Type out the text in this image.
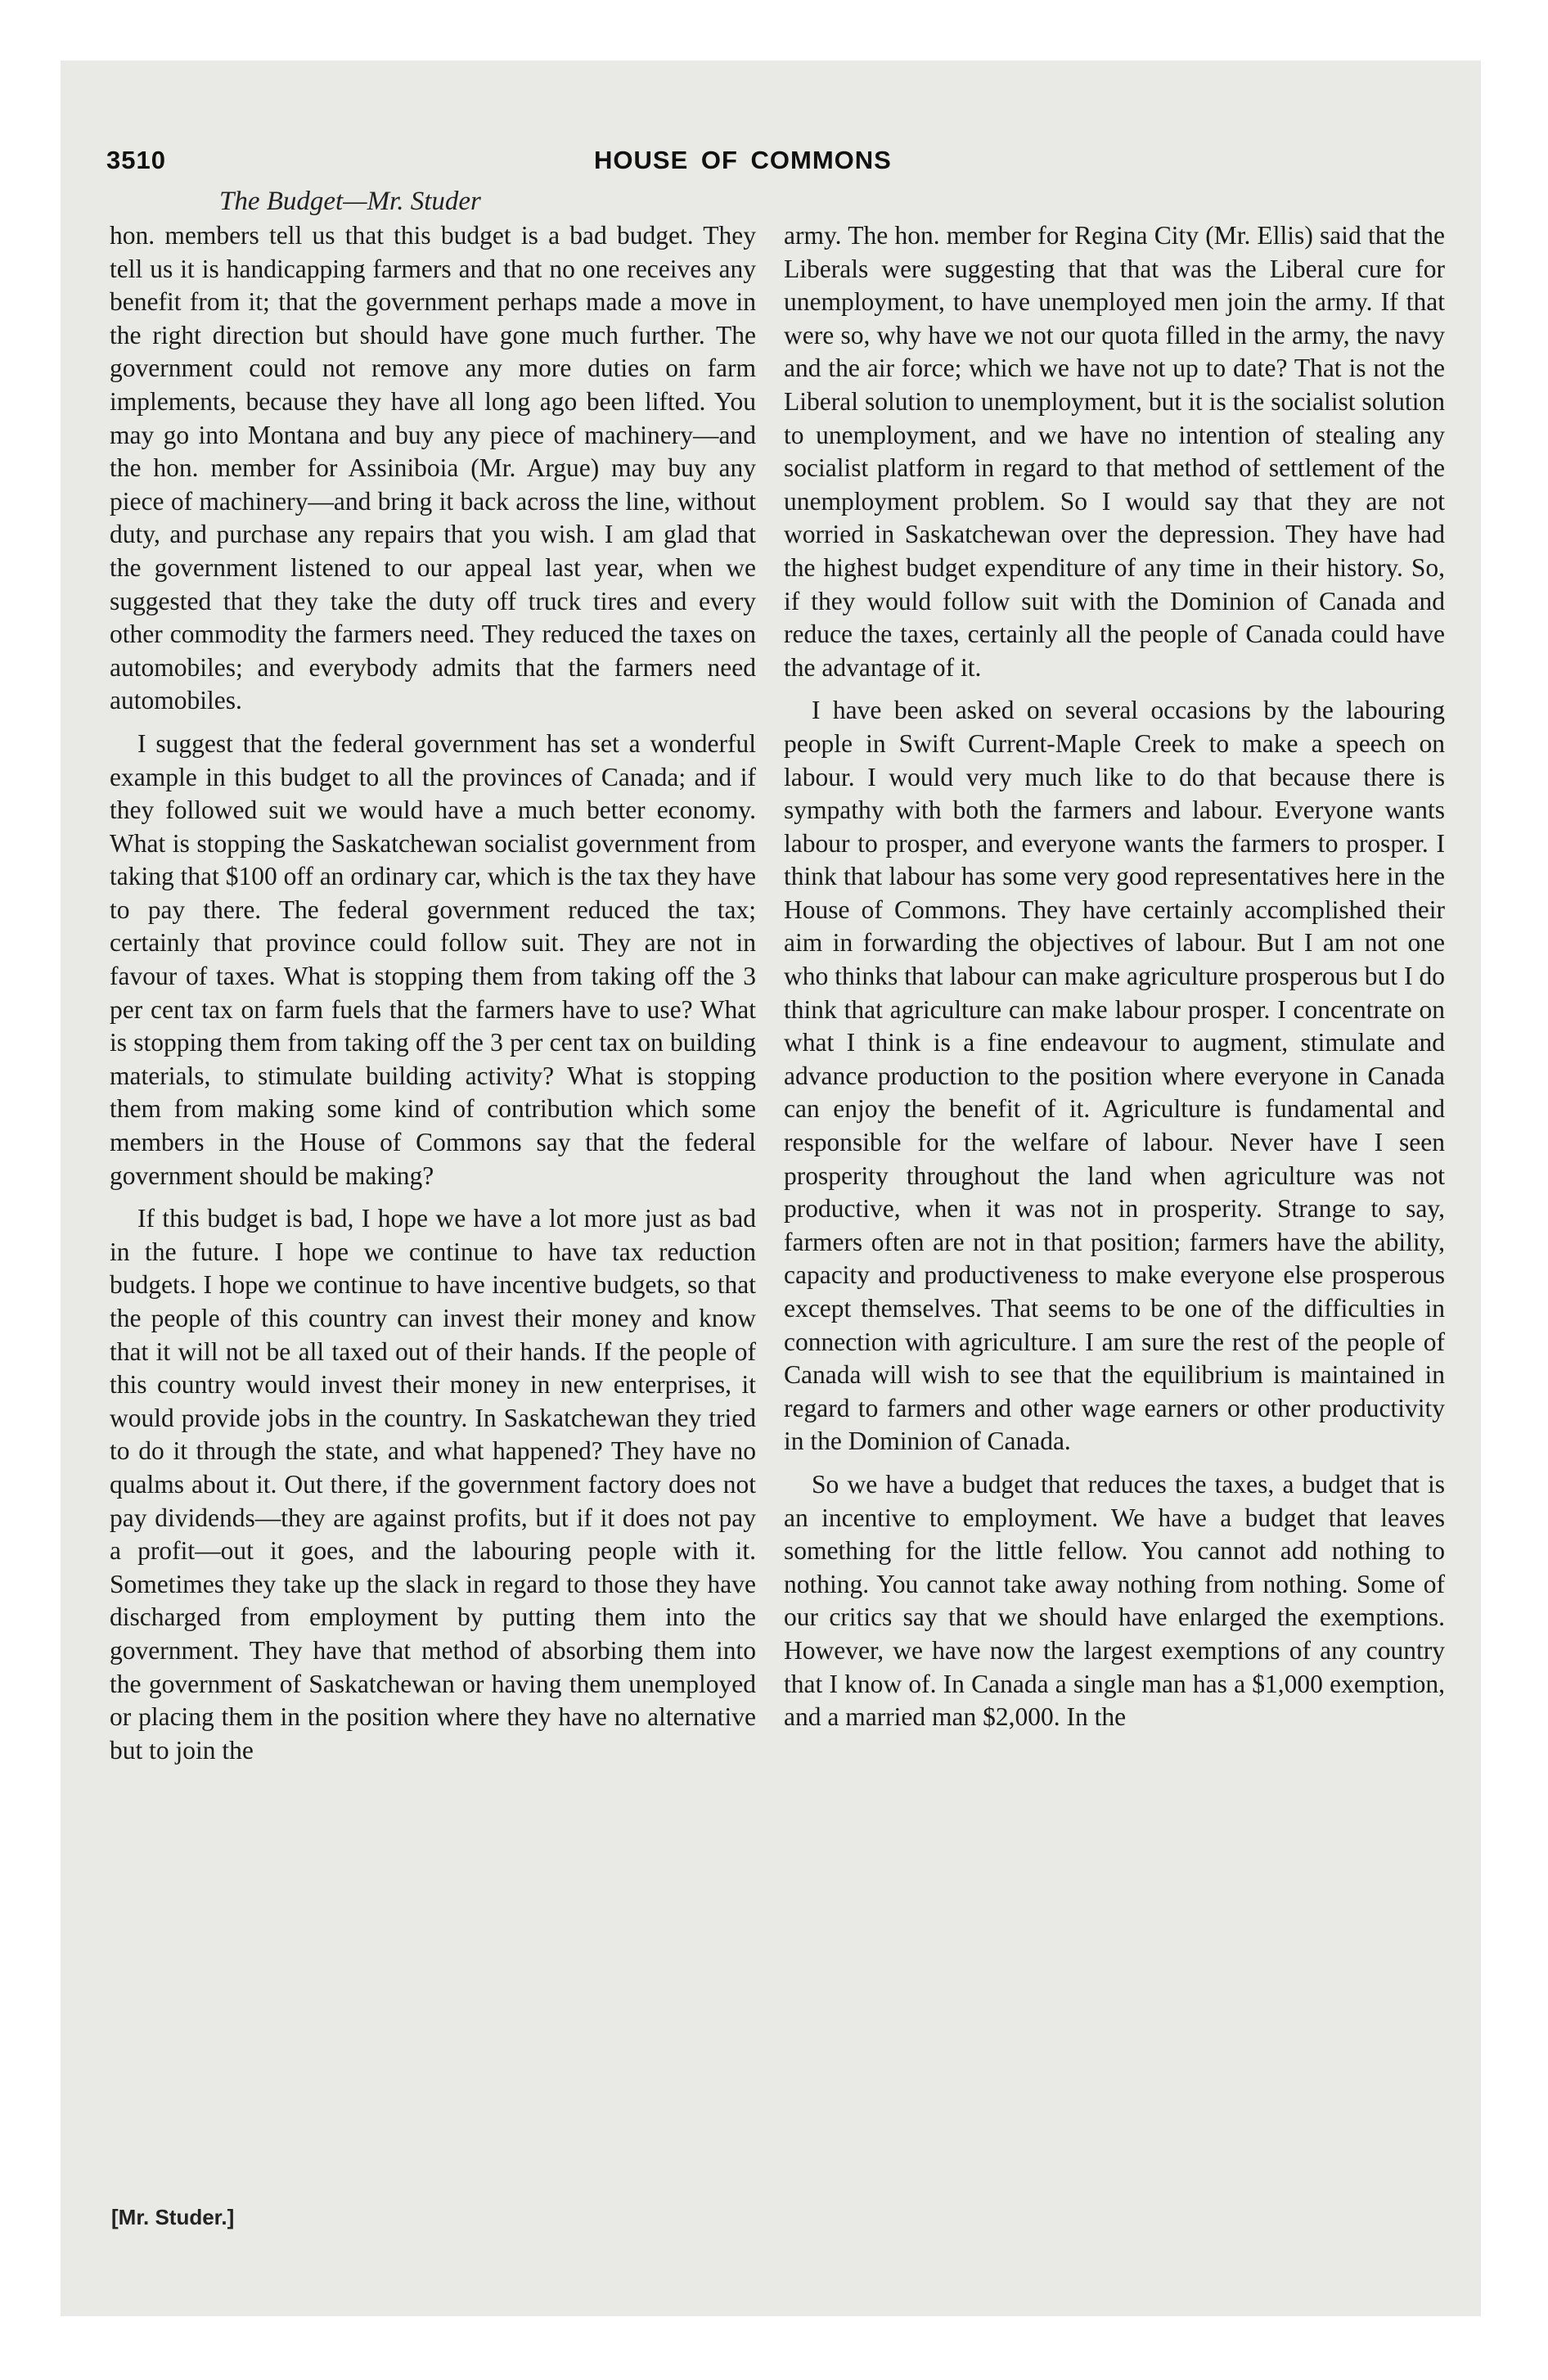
3510	HOUSE OF COMMONS
The Budget—Mr. Studer

hon. members tell us that this budget is a bad budget. They tell us it is handicapping farmers and that no one receives any benefit from it; that the government perhaps made a move in the right direction but should have gone much further. The government could not remove any more duties on farm implements, because they have all long ago been lifted. You may go into Montana and buy any piece of machinery—and the hon. member for Assiniboia (Mr. Argue) may buy any piece of machinery—and bring it back across the line, without duty, and purchase any repairs that you wish. I am glad that the government listened to our appeal last year, when we suggested that they take the duty off truck tires and every other commodity the farmers need. They reduced the taxes on automobiles; and everybody admits that the farmers need automobiles.

I suggest that the federal government has set a wonderful example in this budget to all the provinces of Canada; and if they followed suit we would have a much better economy. What is stopping the Saskatchewan socialist government from taking that $100 off an ordinary car, which is the tax they have to pay there. The federal government reduced the tax; certainly that province could follow suit. They are not in favour of taxes. What is stopping them from taking off the 3 per cent tax on farm fuels that the farmers have to use? What is stopping them from taking off the 3 per cent tax on building materials, to stimulate building activity? What is stopping them from making some kind of contribution which some members in the House of Commons say that the federal government should be making?

If this budget is bad, I hope we have a lot more just as bad in the future. I hope we continue to have tax reduction budgets. I hope we continue to have incentive budgets, so that the people of this country can invest their money and know that it will not be all taxed out of their hands. If the people of this country would invest their money in new enterprises, it would provide jobs in the country. In Saskatchewan they tried to do it through the state, and what happened? They have no qualms about it. Out there, if the government factory does not pay dividends—they are against profits, but if it does not pay a profit—out it goes, and the labouring people with it. Sometimes they take up the slack in regard to those they have discharged from employment by putting them into the government. They have that method of absorbing them into the government of Saskatchewan or having them unemployed or placing them in the position where they have no alternative but to join the

army. The hon. member for Regina City (Mr. Ellis) said that the Liberals were suggesting that that was the Liberal cure for unemployment, to have unemployed men join the army. If that were so, why have we not our quota filled in the army, the navy and the air force; which we have not up to date? That is not the Liberal solution to unemployment, but it is the socialist solution to unemployment, and we have no intention of stealing any socialist platform in regard to that method of settlement of the unemployment problem. So I would say that they are not worried in Saskatchewan over the depression. They have had the highest budget expenditure of any time in their history. So, if they would follow suit with the Dominion of Canada and reduce the taxes, certainly all the people of Canada could have the advantage of it.

I have been asked on several occasions by the labouring people in Swift Current-Maple Creek to make a speech on labour. I would very much like to do that because there is sympathy with both the farmers and labour. Everyone wants labour to prosper, and everyone wants the farmers to prosper. I think that labour has some very good representatives here in the House of Commons. They have certainly accomplished their aim in forwarding the objectives of labour. But I am not one who thinks that labour can make agriculture prosperous but I do think that agriculture can make labour prosper. I concentrate on what I think is a fine endeavour to augment, stimulate and advance production to the position where everyone in Canada can enjoy the benefit of it. Agriculture is fundamental and responsible for the welfare of labour. Never have I seen prosperity throughout the land when agriculture was not productive, when it was not in prosperity. Strange to say, farmers often are not in that position; farmers have the ability, capacity and productiveness to make everyone else prosperous except themselves. That seems to be one of the difficulties in connection with agriculture. I am sure the rest of the people of Canada will wish to see that the equilibrium is maintained in regard to farmers and other wage earners or other productivity in the Dominion of Canada.

So we have a budget that reduces the taxes, a budget that is an incentive to employment. We have a budget that leaves something for the little fellow. You cannot add nothing to nothing. You cannot take away nothing from nothing. Some of our critics say that we should have enlarged the exemptions. However, we have now the largest exemptions of any country that I know of. In Canada a single man has a $1,000 exemption, and a married man $2,000. In the

[Mr. Studer.]
